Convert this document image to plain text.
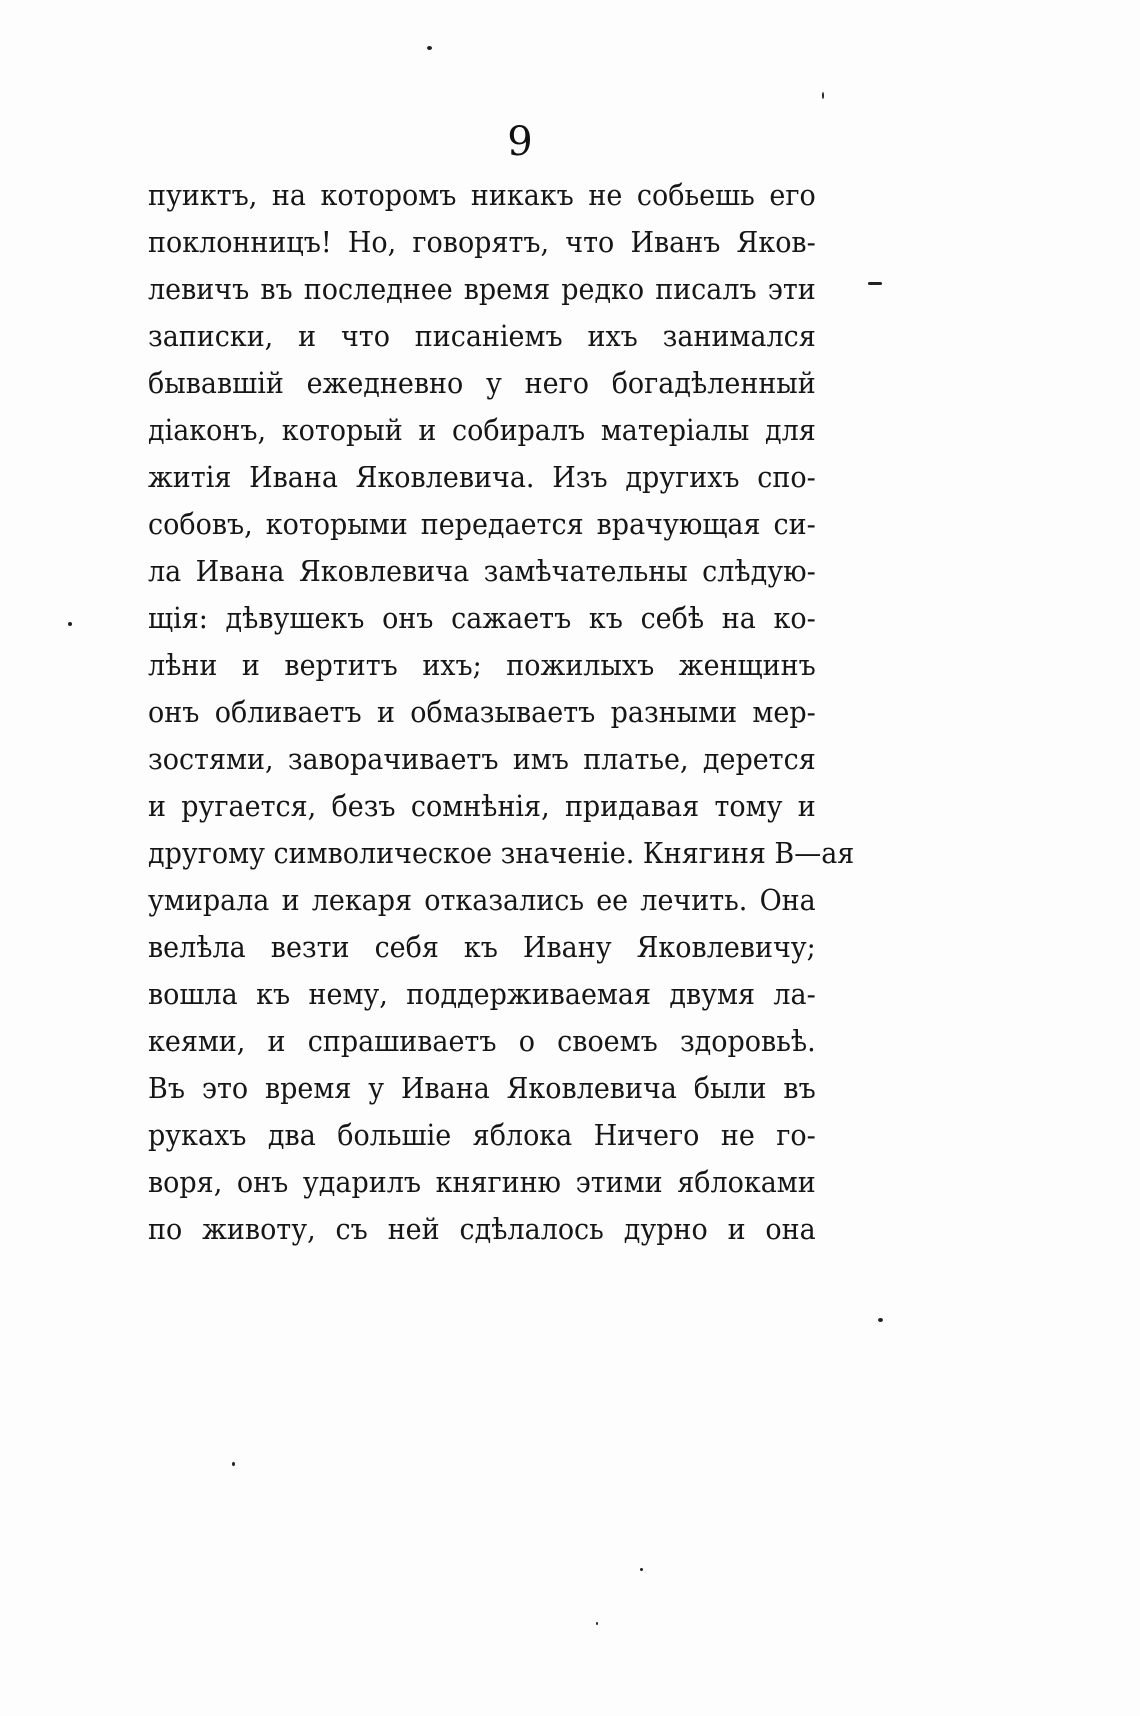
9
пуиктъ, на которомъ никакъ не собьешь его
поклонницъ! Но, говорятъ, что Иванъ Яков-
левичъ въ последнее время редко писалъ эти
записки, и что писаніемъ ихъ занимался
бывавшій ежедневно у него богадѣленный
діаконъ, который и собиралъ матеріалы для
житія Ивана Яковлевича. Изъ другихъ спо-
собовъ, которыми передается врачующая си-
ла Ивана Яковлевича замѣчательны слѣдую-
щія: дѣвушекъ онъ сажаетъ къ себѣ на ко-
лѣни и вертитъ ихъ; пожилыхъ женщинъ
онъ обливаетъ и обмазываетъ разными мер-
зостями, заворачиваетъ имъ платье, дерется
и ругается, безъ сомнѣнія, придавая тому и
другому символическое значеніе. Княгиня В—ая
умирала и лекаря отказались ее лечить. Она
велѣла везти себя къ Ивану Яковлевичу;
вошла къ нему, поддерживаемая двумя ла-
кеями, и спрашиваетъ о своемъ здоровьѣ.
Въ это время у Ивана Яковлевича были въ
рукахъ два большіе яблока Ничего не го-
воря, онъ ударилъ княгиню этими яблоками
по животу, съ ней сдѣлалось дурно и она
